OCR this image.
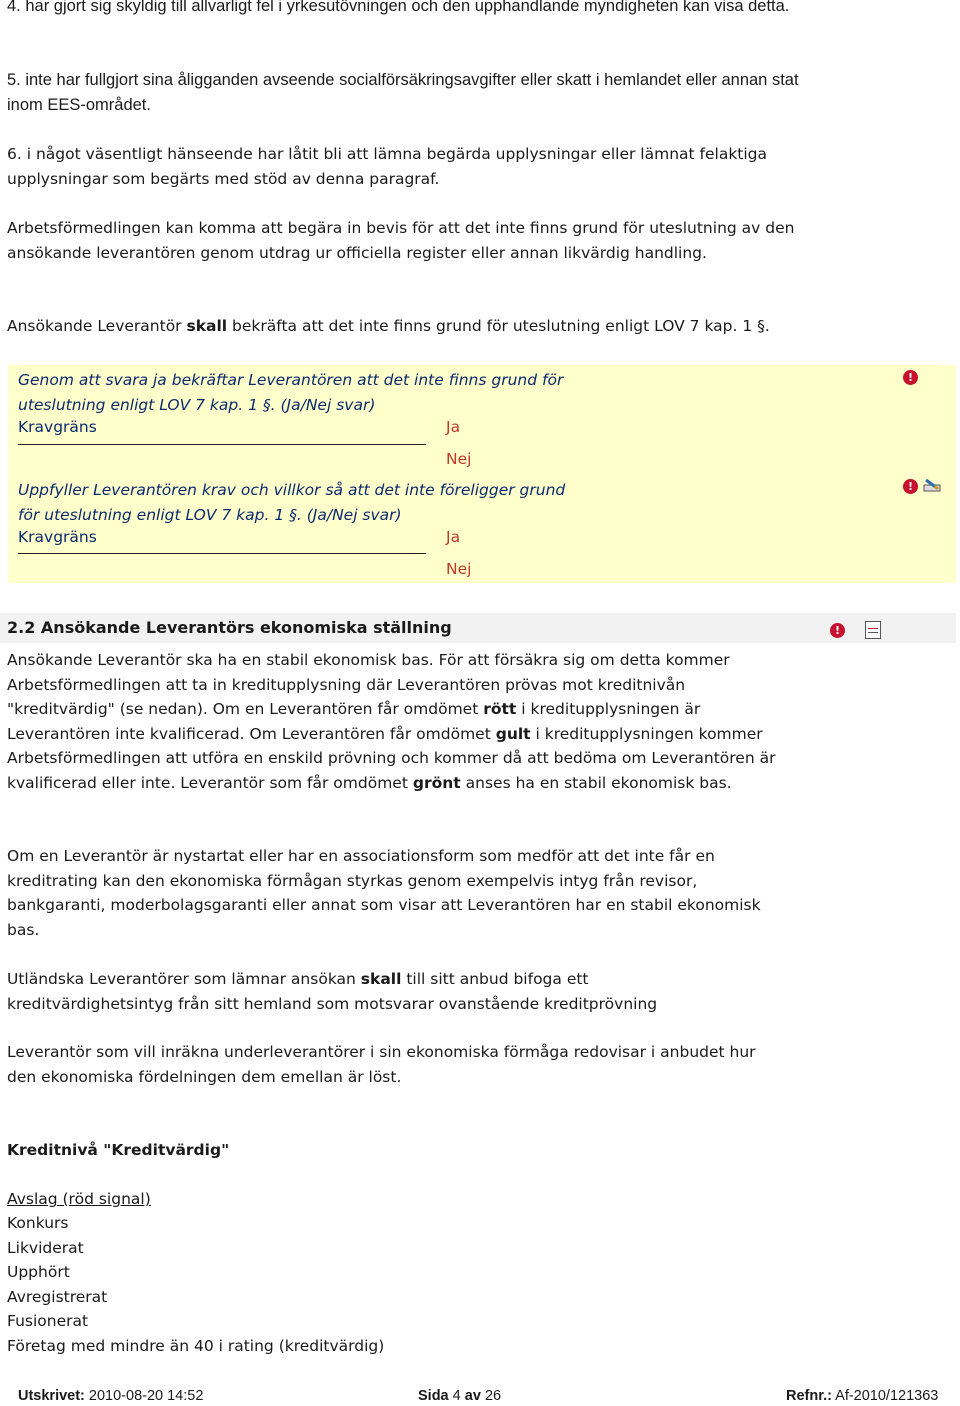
4. har gjort sig skyldig till allvarligt fel i yrkesutövningen och den upphandlande myndigheten kan visa detta.

5. inte har fullgjort sina åligganden avseende socialförsäkringsavgifter eller skatt i hemlandet eller annan stat inom EES-området.

6. i något väsentligt hänseende har låtit bli att lämna begärda upplysningar eller lämnat felaktiga upplysningar som begärts med stöd av denna paragraf.

Arbetsförmedlingen kan komma att begära in bevis för att det inte finns grund för uteslutning av den ansökande leverantören genom utdrag ur officiella register eller annan likvärdig handling.

Ansökande Leverantör skall bekräfta att det inte finns grund för uteslutning enligt LOV 7 kap. 1 §.

Genom att svara ja bekräftar Leverantören att det inte finns grund för uteslutning enligt LOV 7 kap. 1 §. (Ja/Nej svar)

Kravgräns	Ja
Nej
!

Uppfyller Leverantören krav och villkor så att det inte föreligger grund för uteslutning enligt LOV 7 kap. 1 §. (Ja/Nej svar)

Kravgräns	Ja
Nej
!
2.2 Ansökande Leverantörs ekonomiska ställning	!

Ansökande Leverantör ska ha en stabil ekonomisk bas. För att försäkra sig om detta kommer Arbetsförmedlingen att ta in kreditupplysning där Leverantören prövas mot kreditnivån "kreditvärdig" (se nedan). Om en Leverantören får omdömet rött i kreditupplysningen är Leverantören inte kvalificerad. Om Leverantören får omdömet gult i kreditupplysningen kommer Arbetsförmedlingen att utföra en enskild prövning och kommer då att bedöma om Leverantören är kvalificerad eller inte. Leverantör som får omdömet grönt anses ha en stabil ekonomisk bas.

Om en Leverantör är nystartat eller har en associationsform som medför att det inte får en kreditrating kan den ekonomiska förmågan styrkas genom exempelvis intyg från revisor, bankgaranti, moderbolagsgaranti eller annat som visar att Leverantören har en stabil ekonomisk bas.

Utländska Leverantörer som lämnar ansökan skall till sitt anbud bifoga ett kreditvärdighetsintyg från sitt hemland som motsvarar ovanstående kreditprövning

Leverantör som vill inräkna underleverantörer i sin ekonomiska förmåga redovisar i anbudet hur den ekonomiska fördelningen dem emellan är löst.

Kreditnivå "Kreditvärdig"

Avslag (röd signal)

Konkurs
Likviderat
Upphört
Avregistrerat
Fusionerat
Företag med mindre än 40 i rating (kreditvärdig)
Utskrivet: 2010-08-20 14:52	Sida 4 av 26	Refnr.: Af-2010/121363
